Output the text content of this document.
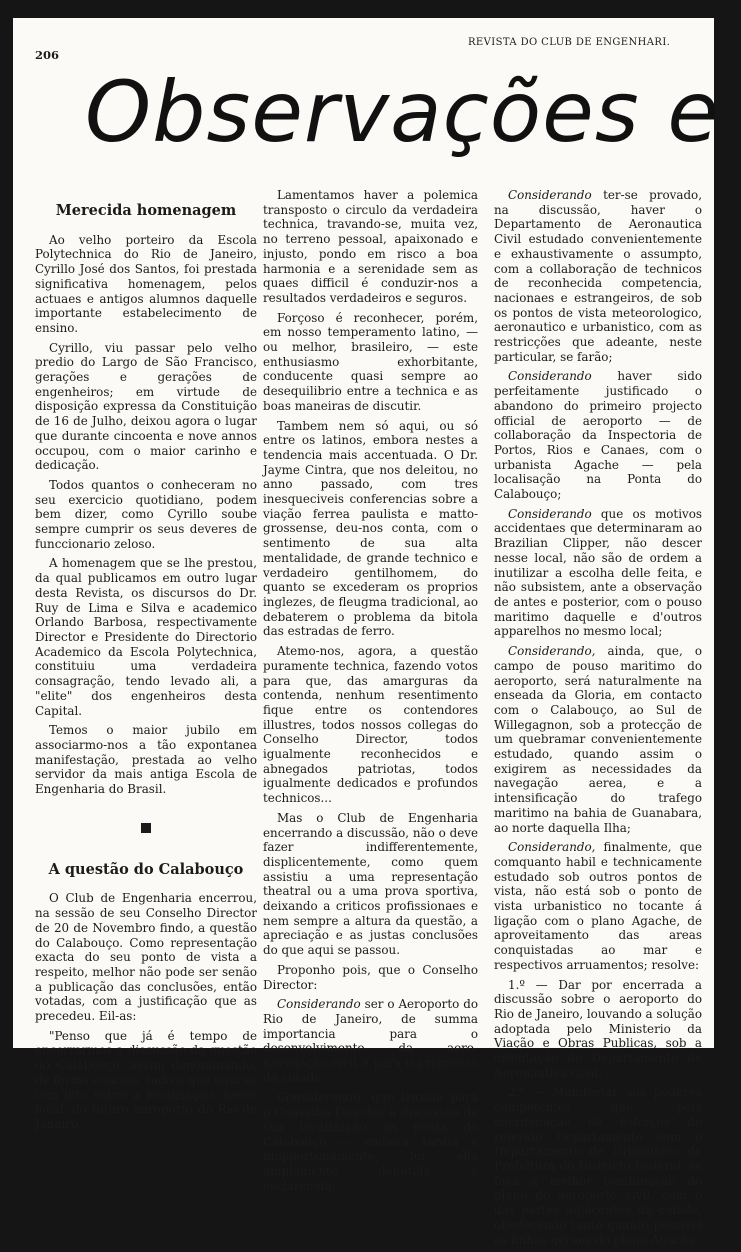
206
REVISTA DO CLUB DE ENGENHARI.
Observações e
Merecida homenagem

Ao velho porteiro da Escola Polytechnica do Rio de Janeiro, Cyrillo José dos Santos, foi prestada significativa homenagem, pelos actuaes e antigos alumnos daquelle importante estabelecimento de ensino.

Cyrillo, viu passar pelo velho predio do Largo de São Francisco, gerações e gerações de engenheiros; em virtude de disposição expressa da Constituição de 16 de Julho, deixou agora o lugar que durante cincoenta e nove annos occupou, com o maior carinho e dedicação.

Todos quantos o conheceram no seu exercicio quotidiano, podem bem dizer, como Cyrillo soube sempre cumprir os seus deveres de funccionario zeloso.

A homenagem que se lhe prestou, da qual publicamos em outro lugar desta Revista, os discursos do Dr. Ruy de Lima e Silva e academico Orlando Barbosa, respectivamente Director e Presidente do Directorio Academico da Escola Polytechnica, constituiu uma verdadeira consagração, tendo levado ali, a "elite" dos engenheiros desta Capital.

Temos o maior jubilo em associarmo-nos a tão expontanea manifestação, prestada ao velho servidor da mais antiga Escola de Engenharia do Brasil.

A questão do Calabouço

O Club de Engenharia encerrou, na sessão de seu Conselho Director de 20 de Novembro findo, a questão do Calabouço. Como representação exacta do seu ponto de vista a respeito, melhor não pode ser senão a publicação das conclusões, então votadas, com a justificação que as precedeu. Eil-as:

"Penso que já é tempo de encerrarmos a discussão da questão do Calabouço, assim denominando, de forma concisa, tudo o que aqui se tem dito sobre a localisação, nesse local, do futuro aeroporto do Rio de Janeiro.

Lamentamos haver a polemica transposto o circulo da verdadeira technica, travando-se, muita vez, no terreno pessoal, apaixonado e injusto, pondo em risco a boa harmonia e a serenidade sem as quaes difficil é conduzir-nos a resultados verdadeiros e seguros.

Forçoso é reconhecer, porém, em nosso temperamento latino, — ou melhor, brasileiro, — este enthusiasmo exhorbitante, conducente quasi sempre ao desequilibrio entre a technica e as boas maneiras de discutir.

Tambem nem só aqui, ou só entre os latinos, embora nestes a tendencia mais accentuada. O Dr. Jayme Cintra, que nos deleitou, no anno passado, com tres inesqueciveis conferencias sobre a viação ferrea paulista e matto-grossense, deu-nos conta, com o sentimento de sua alta mentalidade, de grande technico e verdadeiro gentilhomem, do quanto se excederam os proprios inglezes, de fleugma tradicional, ao debaterem o problema da bitola das estradas de ferro.

Atemo-nos, agora, a questão puramente technica, fazendo votos para que, das amarguras da contenda, nenhum resentimento fique entre os contendores illustres, todos nossos collegas do Conselho Director, todos igualmente reconhecidos e abnegados patriotas, todos igualmente dedicados e profundos technicos...

Mas o Club de Engenharia encerrando a discussão, não o deve fazer indifferentemente, displicentemente, como quem assistiu a uma representação theatral ou a uma prova sportiva, deixando a criticos profissionaes e nem sempre a altura da questão, a apreciação e as justas conclusões do que aqui se passou.

Proponho pois, que o Conselho Director:

Considerando ser o Aeroporto do Rio de Janeiro, de summa importancia para o desenvolvimento da aero-navegação civil e para o progresso da cidade;

Considerando, que trazida para o Conselho Director a discussão de sua localização na ponta do Calabouço — embora tardia e inopportunamente, foi ella amplamente debatida e esclarecida;

Considerando ter-se provado, na discussão, haver o Departamento de Aeronautica Civil estudado convenientemente e exhaustivamente o assumpto, com a collaboração de technicos de reconhecida competencia, nacionaes e estrangeiros, de sob os pontos de vista meteorologico, aeronautico e urbanistico, com as restricções que adeante, neste particular, se farão;

Considerando haver sido perfeitamente justificado o abandono do primeiro projecto official de aeroporto — de collaboração da Inspectoria de Portos, Rios e Canaes, com o urbanista Agache — pela localisação na Ponta do Calabouço;

Considerando que os motivos accidentaes que determinaram ao Brazilian Clipper, não descer nesse local, não são de ordem a inutilizar a escolha delle feita, e não subsistem, ante a observação de antes e posterior, com o pouso maritimo daquelle e d'outros apparelhos no mesmo local;

Considerando, ainda, que, o campo de pouso maritimo do aeroporto, será naturalmente na enseada da Gloria, em contacto com o Calabouço, ao Sul de Willegagnon, sob a protecção de um quebramar convenientemente estudado, quando assim o exigirem as necessidades da navegação aerea, e a intensificação do trafego maritimo na bahia de Guanabara, ao norte daquella Ilha;

Considerando, finalmente, que comquanto habil e technicamente estudado sob outros pontos de vista, não está sob o ponto de vista urbanistico no tocante á ligação com o plano Agache, de aproveitamento das areas conquistadas ao mar e respectivos arruamentos; resolve:

1.º — Dar por encerrada a discussão sobre o aeroporto do Rio de Janeiro, louvando a solução adoptada pelo Ministerio da Viação e Obras Publicas, sob a orientação do Departamento de Aeronautica Civil;

2.º — Manifestar aos poderes competentes que, pela coordenação de esforços do referido Departamento com o Departamento de Urbanismo da Prefeitura do Districto Federal, se faça a melhor combinação do plano do aeroporto civil, com o das partes adjacentes da cidade, obedecendo tanto quanto possivel ás linhas geraes do plano Agache;
